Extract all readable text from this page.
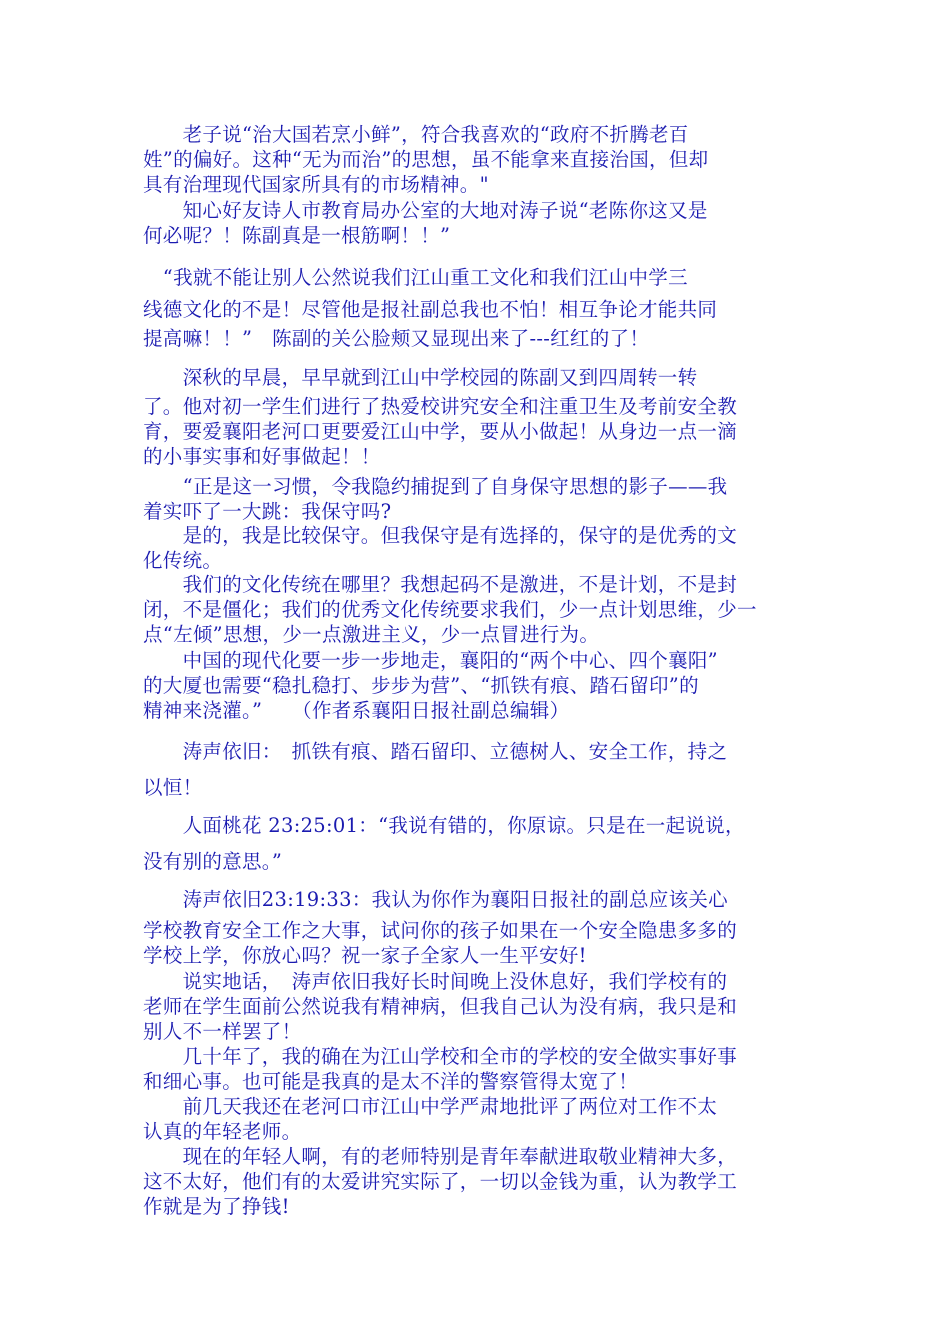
　　老子说“治大国若烹小鲜”，符合我喜欢的“政府不折腾老百
姓”的偏好。这种“无为而治”的思想，虽不能拿来直接治国，但却
具有治理现代国家所具有的市场精神。"
　　知心好友诗人市教育局办公室的大地对涛子说“老陈你这又是
何必呢？！陈副真是一根筋啊！！”
　“我就不能让别人公然说我们江山重工文化和我们江山中学三
线德文化的不是！尽管他是报社副总我也不怕！相互争论才能共同
提高嘛！！”　陈副的关公脸颊又显现出来了---红红的了！
　　深秋的早晨，早早就到江山中学校园的陈副又到四周转一转
了。他对初一学生们进行了热爱校讲究安全和注重卫生及考前安全教
育，要爱襄阳老河口更要爱江山中学，要从小做起！从身边一点一滴
的小事实事和好事做起！！
　　“正是这一习惯，令我隐约捕捉到了自身保守思想的影子——我
着实吓了一大跳：我保守吗?
　　是的，我是比较保守。但我保守是有选择的，保守的是优秀的文
化传统。
　　我们的文化传统在哪里？我想起码不是激进，不是计划，不是封
闭，不是僵化；我们的优秀文化传统要求我们，少一点计划思维，少一
点“左倾”思想，少一点激进主义，少一点冒进行为。
　　中国的现代化要一步一步地走，襄阳的“两个中心、四个襄阳”
的大厦也需要“稳扎稳打、步步为营”、“抓铁有痕、踏石留印”的
精神来浇灌。”　　（作者系襄阳日报社副总编辑）
　　涛声依旧：　抓铁有痕、踏石留印、立德树人、安全工作，持之
以恒！
　　人面桃花 23:25:01：“我说有错的，你原谅。只是在一起说说，
没有别的意思。”
　　涛声依旧23:19:33：我认为你作为襄阳日报社的副总应该关心
学校教育安全工作之大事，试问你的孩子如果在一个安全隐患多多的
学校上学，你放心吗？祝一家子全家人一生平安好!
　　说实地话，　涛声依旧我好长时间晚上没休息好，我们学校有的
老师在学生面前公然说我有精神病，但我自己认为没有病，我只是和
别人不一样罢了！
　　几十年了，我的确在为江山学校和全市的学校的安全做实事好事
和细心事。也可能是我真的是太不洋的警察管得太宽了！
　　前几天我还在老河口市江山中学严肃地批评了两位对工作不太
认真的年轻老师。
　　现在的年轻人啊，有的老师特别是青年奉献进取敬业精神大多，
这不太好，他们有的太爱讲究实际了，一切以金钱为重，认为教学工
作就是为了挣钱!
